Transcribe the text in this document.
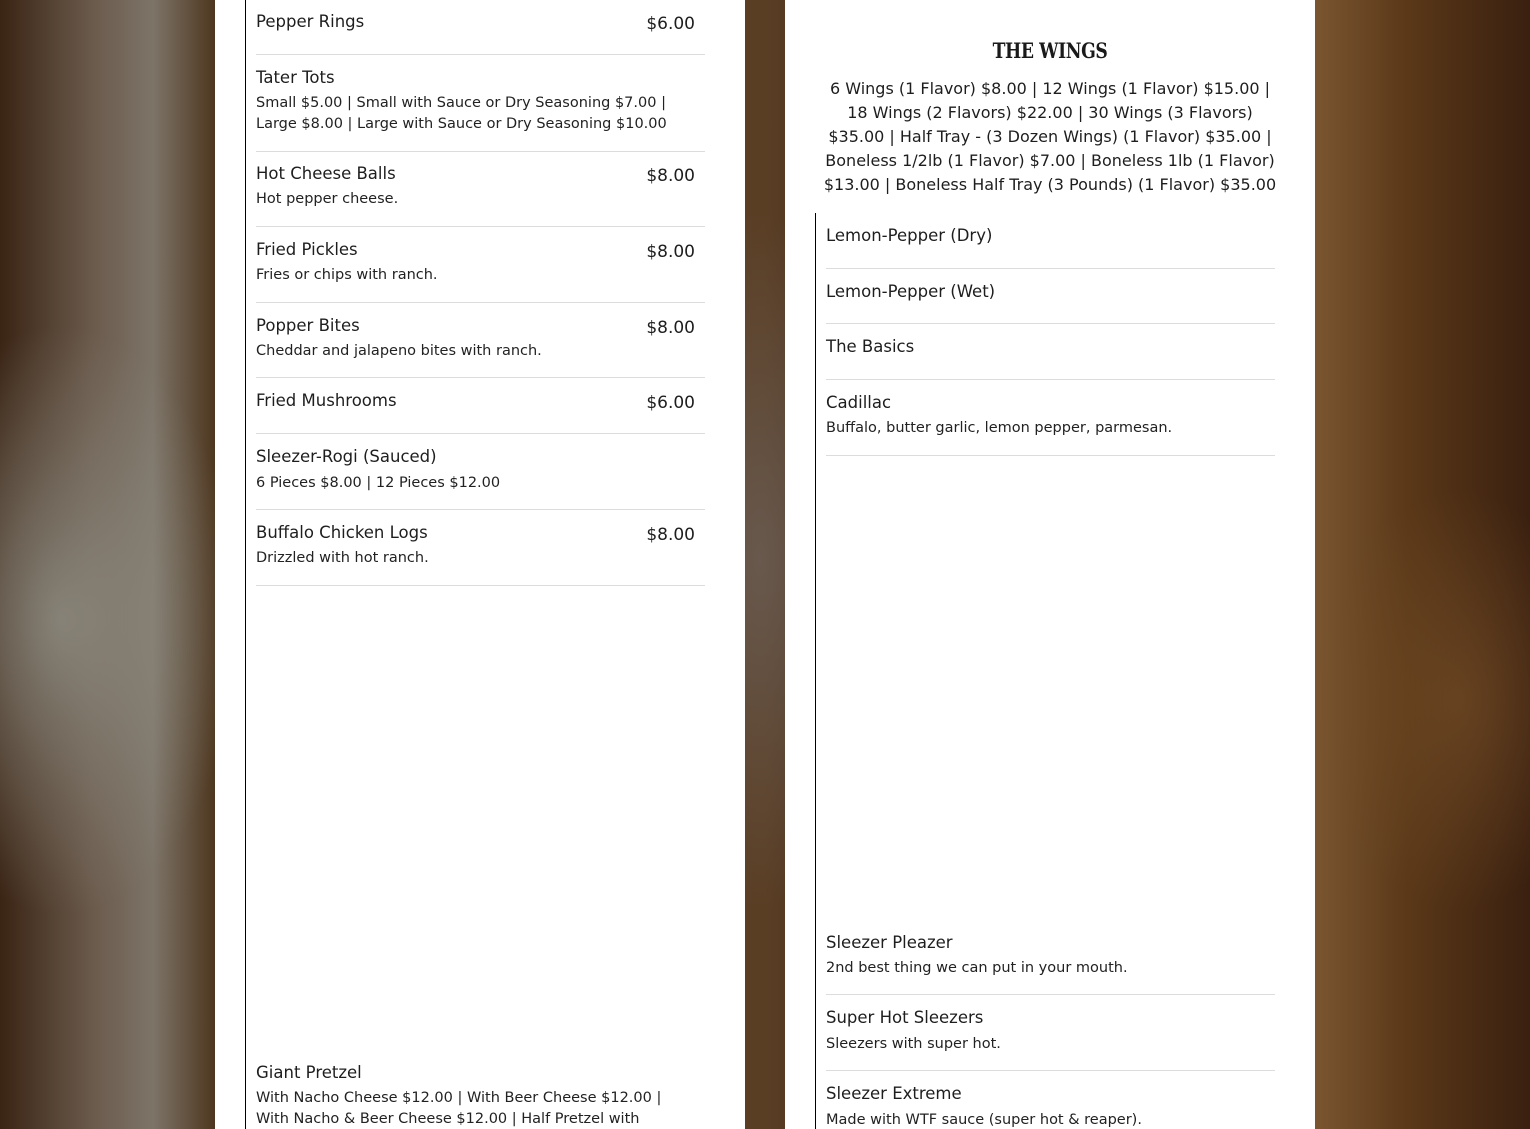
Pepper Rings	$6.00
Tater Tots
Small $5.00 | Small with Sauce or Dry Seasoning $7.00 | Large $8.00 | Large with Sauce or Dry Seasoning $10.00
Hot Cheese Balls	$8.00
Hot pepper cheese.
Fried Pickles	$8.00
Fries or chips with ranch.
Popper Bites	$8.00
Cheddar and jalapeno bites with ranch.
Fried Mushrooms	$6.00
Sleezer-Rogi (Sauced)
6 Pieces $8.00 | 12 Pieces $12.00
Buffalo Chicken Logs	$8.00
Drizzled with hot ranch.
Giant Pretzel
With Nacho Cheese $12.00 | With Beer Cheese $12.00 | With Nacho & Beer Cheese $12.00 | Half Pretzel with
THE WINGS
6 Wings (1 Flavor) $8.00 | 12 Wings (1 Flavor) $15.00 | 18 Wings (2 Flavors) $22.00 | 30 Wings (3 Flavors) $35.00 | Half Tray - (3 Dozen Wings) (1 Flavor) $35.00 | Boneless 1/2lb (1 Flavor) $7.00 | Boneless 1lb (1 Flavor) $13.00 | Boneless Half Tray (3 Pounds) (1 Flavor) $35.00
Lemon-Pepper (Dry)
Lemon-Pepper (Wet)
The Basics
Cadillac
Buffalo, butter garlic, lemon pepper, parmesan.
Sleezer Pleazer
2nd best thing we can put in your mouth.
Super Hot Sleezers
Sleezers with super hot.
Sleezer Extreme
Made with WTF sauce (super hot & reaper).
